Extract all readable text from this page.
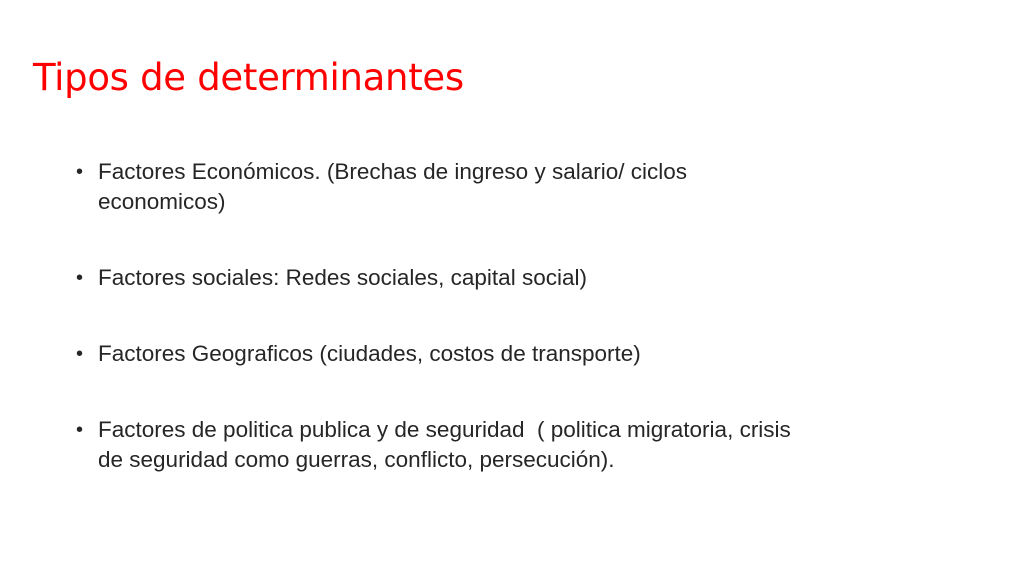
Tipos de determinantes
• Factores Económicos. (Brechas de ingreso y salario/ ciclos
economicos)
• Factores sociales: Redes sociales, capital social)
• Factores Geograficos (ciudades, costos de transporte)
• Factores de politica publica y de seguridad  ( politica migratoria, crisis
de seguridad como guerras, conflicto, persecución).
